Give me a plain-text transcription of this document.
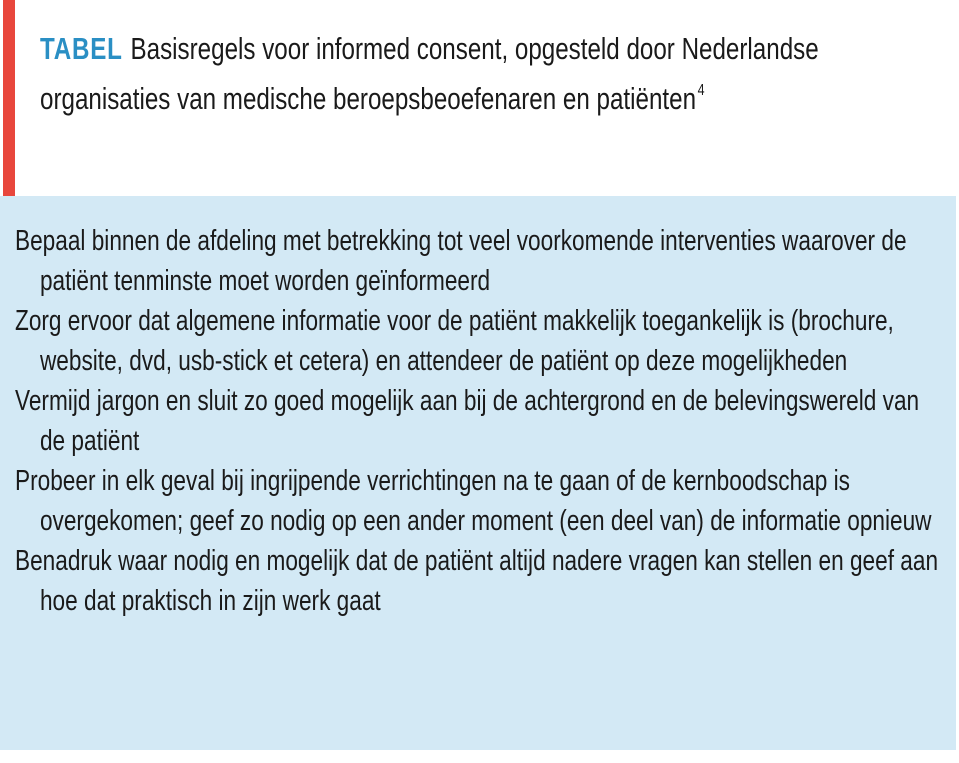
TABEL Basisregels voor informed consent, opgesteld door Nederlandse organisaties van medische beroepsbeoefenaren en patiënten$^4$
Bepaal binnen de afdeling met betrekking tot veel voorkomende interventies waarover de patiënt tenminste moet worden geïnformeerd
Zorg ervoor dat algemene informatie voor de patiënt makkelijk toegankelijk is (brochure, website, dvd, usb-stick et cetera) en attendeer de patiënt op deze mogelijkheden
Vermijd jargon en sluit zo goed mogelijk aan bij de achtergrond en de belevingswereld van de patiënt
Probeer in elk geval bij ingrijpende verrichtingen na te gaan of de kernboodschap is overgekomen; geef zo nodig op een ander moment (een deel van) de informatie opnieuw
Benadruk waar nodig en mogelijk dat de patiënt altijd nadere vragen kan stellen en geef aan hoe dat praktisch in zijn werk gaat
